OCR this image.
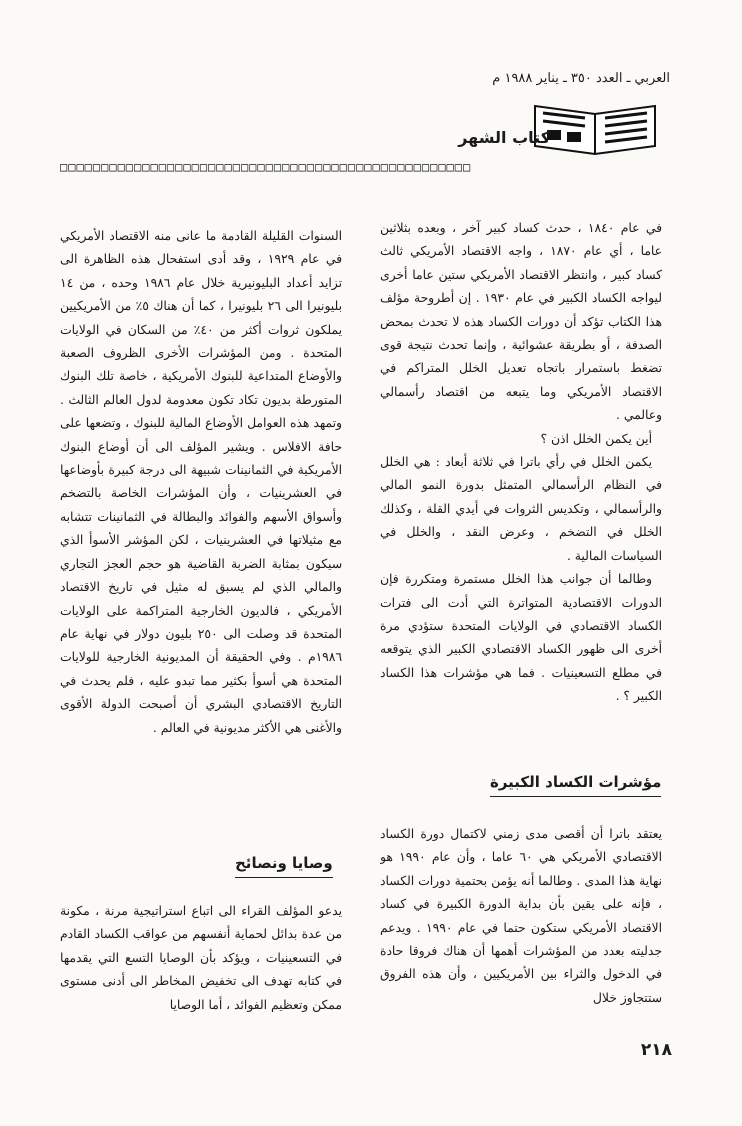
العربي ـ العدد ٣٥٠ ـ يناير ١٩٨٨ م
كتاب الشهر
□□□□□□□□□□□□□□□□□□□□□□□□□□□□□□□□□□□□□□□□□□□□□□□□□□

في عام ١٨٤٠ ، حدث كساد كبير آخر ، وبعده بثلاثين عاما ، أي عام ١٨٧٠ ، واجه الاقتصاد الأمريكي ثالث كساد كبير ، وانتظر الاقتصاد الأمريكي ستين عاما أخرى ليواجه الكساد الكبير في عام ١٩٣٠ . إن أطروحة مؤلف هذا الكتاب تؤكد أن دورات الكساد هذه لا تحدث بمحض الصدفة ، أو بطريقة عشوائية ، وإنما تحدث نتيجة قوى تضغط باستمرار باتجاه تعديل الخلل المتراكم في الاقتصاد الأمريكي وما يتبعه من اقتصاد رأسمالي وعالمي .

أين يكمن الخلل اذن ؟

يكمن الخلل في رأي باترا في ثلاثة أبعاد : هي الخلل في النظام الرأسمالي المتمثل بدورة النمو المالي والرأسمالي ، وتكديس الثروات في أيدي القلة ، وكذلك الخلل في التضخم ، وعرض النقد ، والخلل في السياسات المالية .

وطالما أن جوانب هذا الخلل مستمرة ومتكررة فإن الدورات الاقتصادية المتواترة التي أدت الى فترات الكساد الاقتصادي في الولايات المتحدة ستؤدي مرة أخرى الى ظهور الكساد الاقتصادي الكبير الذي يتوقعه في مطلع التسعينيات . فما هي مؤشرات هذا الكساد الكبير ؟ .

مؤشرات الكساد الكبيرة

يعتقد باترا أن أقصى مدى زمني لاكتمال دورة الكساد الاقتصادي الأمريكي هي ٦٠ عاما ، وأن عام ١٩٩٠ هو نهاية هذا المدى . وطالما أنه يؤمن بحتمية دورات الكساد ، فإنه على يقين بأن بداية الدورة الكبيرة في كساد الاقتصاد الأمريكي ستكون حتما في عام ١٩٩٠ . ويدعم جدليته بعدد من المؤشرات أهمها أن هناك فروقا حادة في الدخول والثراء بين الأمريكيين ، وأن هذه الفروق ستتجاوز خلال

السنوات القليلة القادمة ما عانى منه الاقتصاد الأمريكي في عام ١٩٢٩ ، وقد أدى استفحال هذه الظاهرة الى تزايد أعداد البليونيرية خلال عام ١٩٨٦ وحده ، من ١٤ بليونيرا الى ٢٦ بليونيرا ، كما أن هناك ٥٪ من الأمريكيين يملكون ثروات أكثر من ٤٠٪ من السكان في الولايات المتحدة . ومن المؤشرات الأخرى الظروف الصعبة والأوضاع المتداعية للبنوك الأمريكية ، خاصة تلك البنوك المتورطة بديون تكاد تكون معدومة لدول العالم الثالث . وتمهد هذه العوامل الأوضاع المالية للبنوك ، وتضعها على حافة الافلاس . ويشير المؤلف الى أن أوضاع البنوك الأمريكية في الثمانينات شبيهة الى درجة كبيرة بأوضاعها في العشرينيات ، وأن المؤشرات الخاصة بالتضخم وأسواق الأسهم والفوائد والبطالة في الثمانينات تتشابه مع مثيلاتها في العشرينيات ، لكن المؤشر الأسوأ الذي سيكون بمثابة الضربة القاضية هو حجم العجز التجاري والمالي الذي لم يسبق له مثيل في تاريخ الاقتصاد الأمريكي ، فالديون الخارجية المتراكمة على الولايات المتحدة قد وصلت الى ٢٥٠ بليون دولار في نهاية عام ١٩٨٦م . وفي الحقيقة أن المديونية الخارجية للولايات المتحدة هي أسوأ بكثير مما تبدو عليه ، فلم يحدث في التاريخ الاقتصادي البشري أن أصبحت الدولة الأقوى والأغنى هي الأكثر مديونية في العالم .

وصايا ونصائح

يدعو المؤلف القراء الى اتباع استراتيجية مرنة ، مكونة من عدة بدائل لحماية أنفسهم من عواقب الكساد القادم في التسعينيات ، ويؤكد بأن الوصايا التسع التي يقدمها في كتابه تهدف الى تخفيض المخاطر الى أدنى مستوى ممكن وتعظيم الفوائد ، أما الوصايا

٢١٨
